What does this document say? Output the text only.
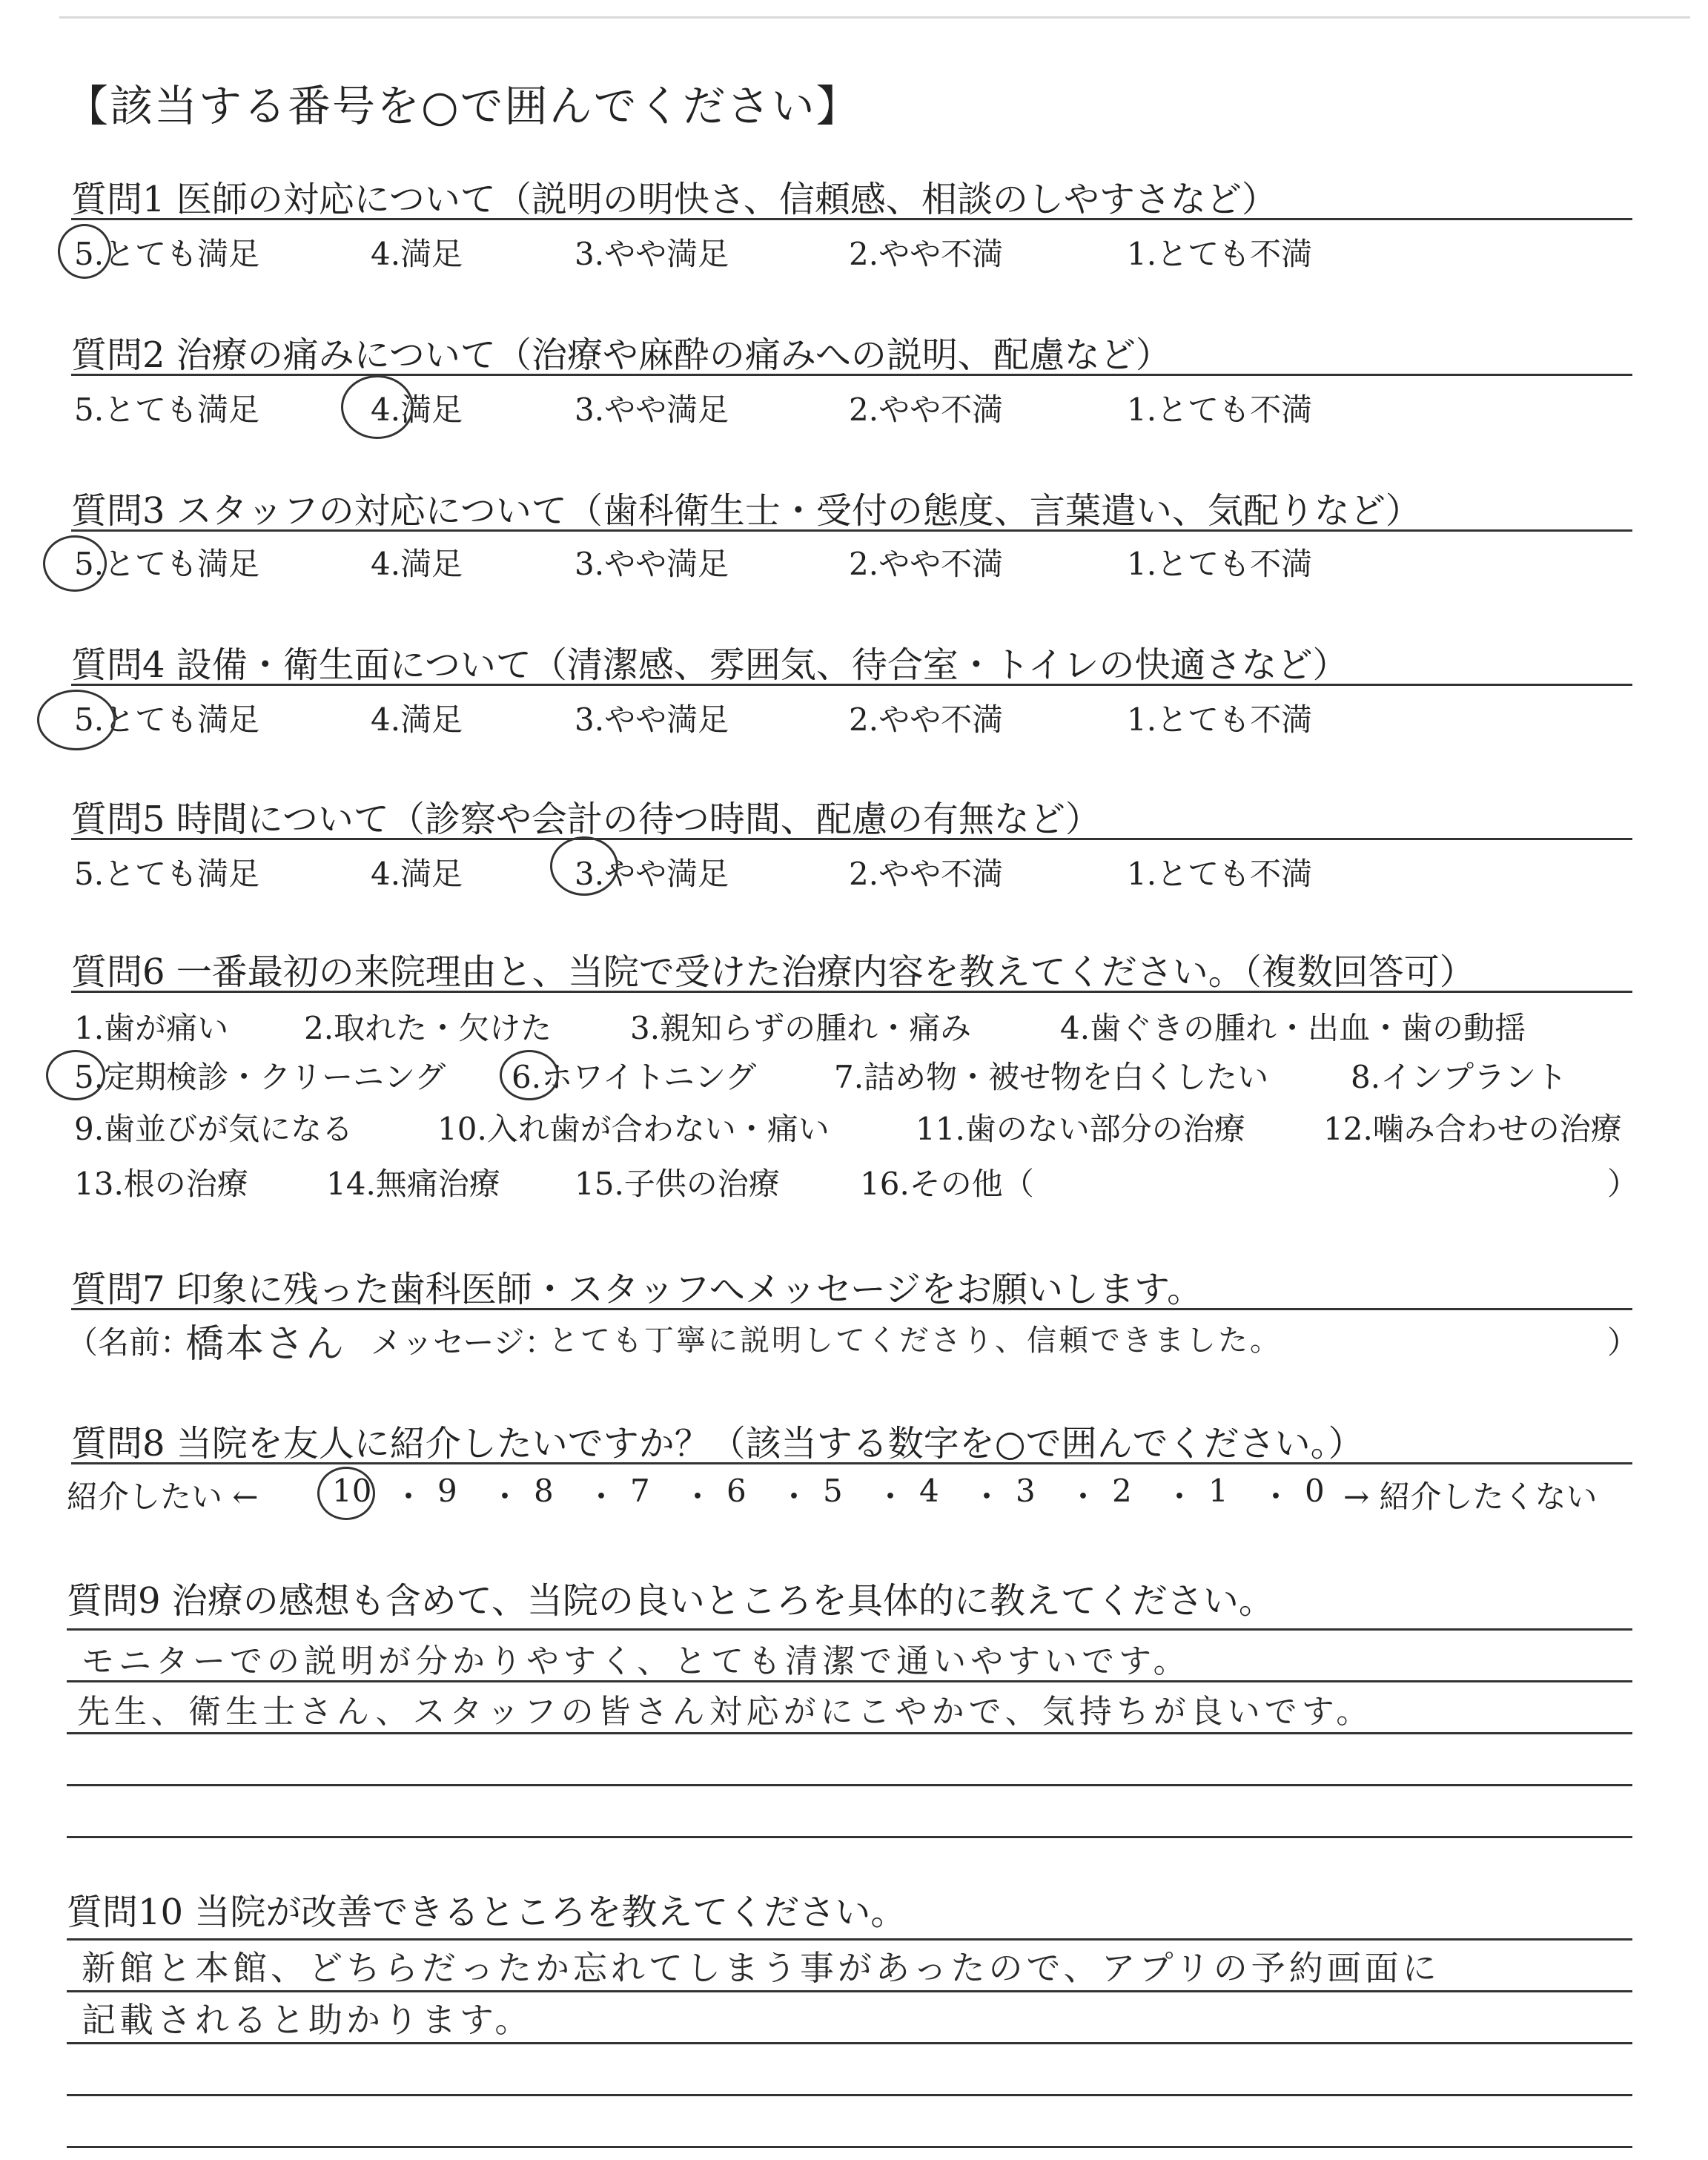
【該当する番号を○で囲んでください】
質問1 医師の対応について（説明の明快さ、信頼感、相談のしやすさなど）
5.とても満足	4.満足	3.やや満足	2.やや不満	1.とても不満
質問2 治療の痛みについて（治療や麻酔の痛みへの説明、配慮など）
5.とても満足	4.満足	3.やや満足	2.やや不満	1.とても不満
質問3 スタッフの対応について（歯科衛生士・受付の態度、言葉遣い、気配りなど）
5.とても満足	4.満足	3.やや満足	2.やや不満	1.とても不満
質問4 設備・衛生面について（清潔感、雰囲気、待合室・トイレの快適さなど）
5.とても満足	4.満足	3.やや満足	2.やや不満	1.とても不満
質問5 時間について（診察や会計の待つ時間、配慮の有無など）
5.とても満足	4.満足	3.やや満足	2.やや不満	1.とても不満
質問6 一番最初の来院理由と、当院で受けた治療内容を教えてください。（複数回答可）
1.歯が痛い 2.取れた・欠けた	3.親知らずの腫れ・痛み	4.歯ぐきの腫れ・出血・歯の動揺
5.定期検診・クリーニング 6.ホワイトニング 7.詰め物・被せ物を白くしたい	8.インプラント
9.歯並びが気になる	10.入れ歯が合わない・痛い	11.歯のない部分の治療	12.噛み合わせの治療
13.根の治療	14.無痛治療 15.子供の治療	16.その他（	）
質問7 印象に残った歯科医師・スタッフへメッセージをお願いします。
（名前：
橋本さん メッセージ：
とても丁寧に説明してくださり、信頼できました。	）
質問8 当院を友人に紹介したいですか？（該当する数字を○で囲んでください。）
紹介したい ← 10 ・ 9 ・ 8 ・ 7 ・ 6 ・ 5 ・ 4 ・ 3 ・ 2 ・ 1 ・ 0 → 紹介したくない
質問9 治療の感想も含めて、当院の良いところを具体的に教えてください。
モニターでの説明が分かりやすく、とても清潔で通いやすいです。
先生、衛生士さん、スタッフの皆さん対応がにこやかで、気持ちが良いです。
質問10 当院が改善できるところを教えてください。
新館と本館、どちらだったか忘れてしまう事があったので、アプリの予約画面に
記載されると助かります。
